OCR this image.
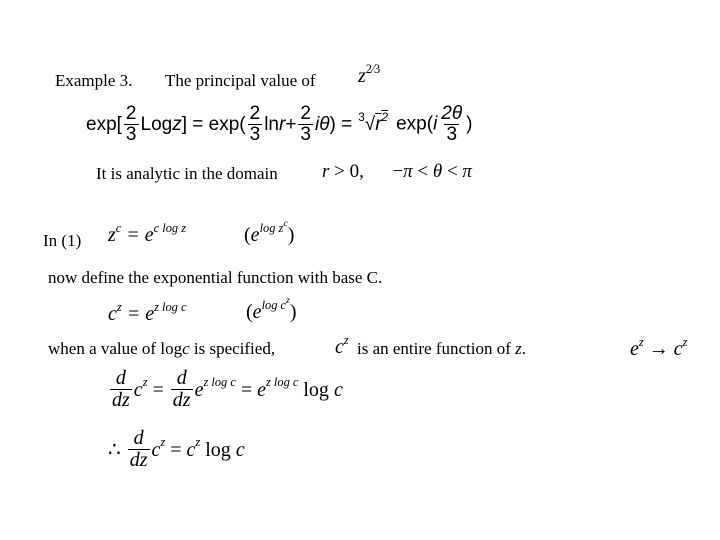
Example 3. The principal value of $z^{2⁄3}$
$\exp[ \frac{2}{3}$ Log z ] = $\exp( \frac{2}{3}$ $\ln r + \frac{2}{3}$ iθ ) = $^3√r^2$ $\exp(i \frac{2\theta}{3}$ )
It is analytic in the domain r > 0,      −π < θ < π
In (1) $z^c = e^{c log z}$	$(e^{log z^c})$
now define the exponential function with base C.
$c^z = e^{z log c}$	$(e^{log c^z})$
when a value of logc is specified,	$c^z$ is an entire function of z.	$e^z \to c^z$
$\frac{d}{dz} c^z = \frac{d}{dz} e^{z log c} = e^{z log c}$ log c
∴ $\frac{d}{dz} c^z = c^z$ log c
